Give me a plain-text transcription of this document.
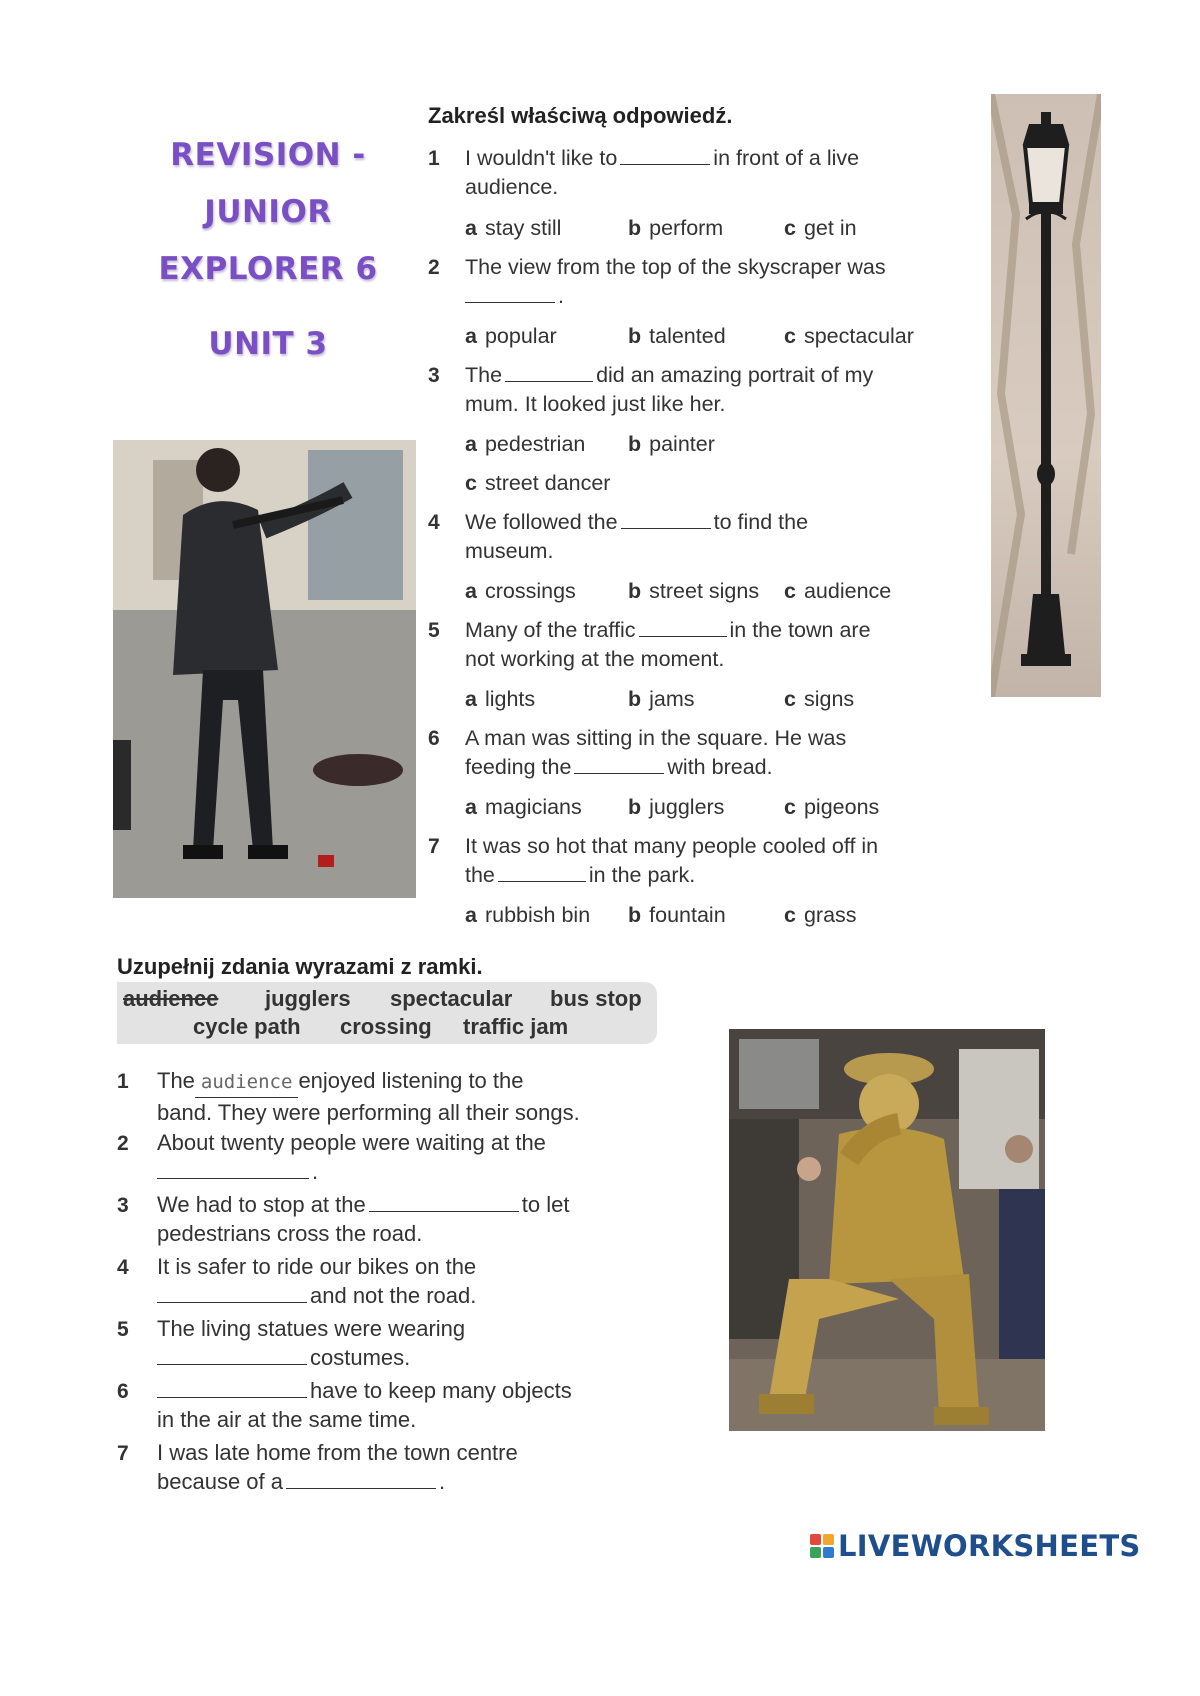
REVISION -
JUNIOR
EXPLORER 6
UNIT 3
Zakreśl właściwą odpowiedź.
1 I wouldn't like to	in front of a live
audience.
a stay still	b perform	c get in
2 The view from the top of the skyscraper was
.
a popular	b talented	c spectacular
3 The	did an amazing portrait of my
mum. It looked just like her.
a pedestrian b painter
c street dancer
4 We followed the	to find the
museum.
a crossings b street signs c audience
5 Many of the traffic	in the town are
not working at the moment.
a lights	b jams	c signs
6 A man was sitting in the square. He was
feeding the	with bread.
a magicians b jugglers	c pigeons
7 It was so hot that many people cooled off in
the	in the park.
a rubbish bin b fountain	c grass
Uzupełnij zdania wyrazami z ramki.
audience jugglers spectacular bus stop
cycle path crossing traffic jam
1 The audience enjoyed listening to the
band. They were performing all their songs.
2 About twenty people were waiting at the
.
3 We had to stop at the	to let
pedestrians cross the road.
4 It is safer to ride our bikes on the
and not the road.
5 The living statues were wearing
costumes.
6	have to keep many objects
in the air at the same time.
7 I was late home from the town centre
because of a	.
LIVEWORKSHEETS
